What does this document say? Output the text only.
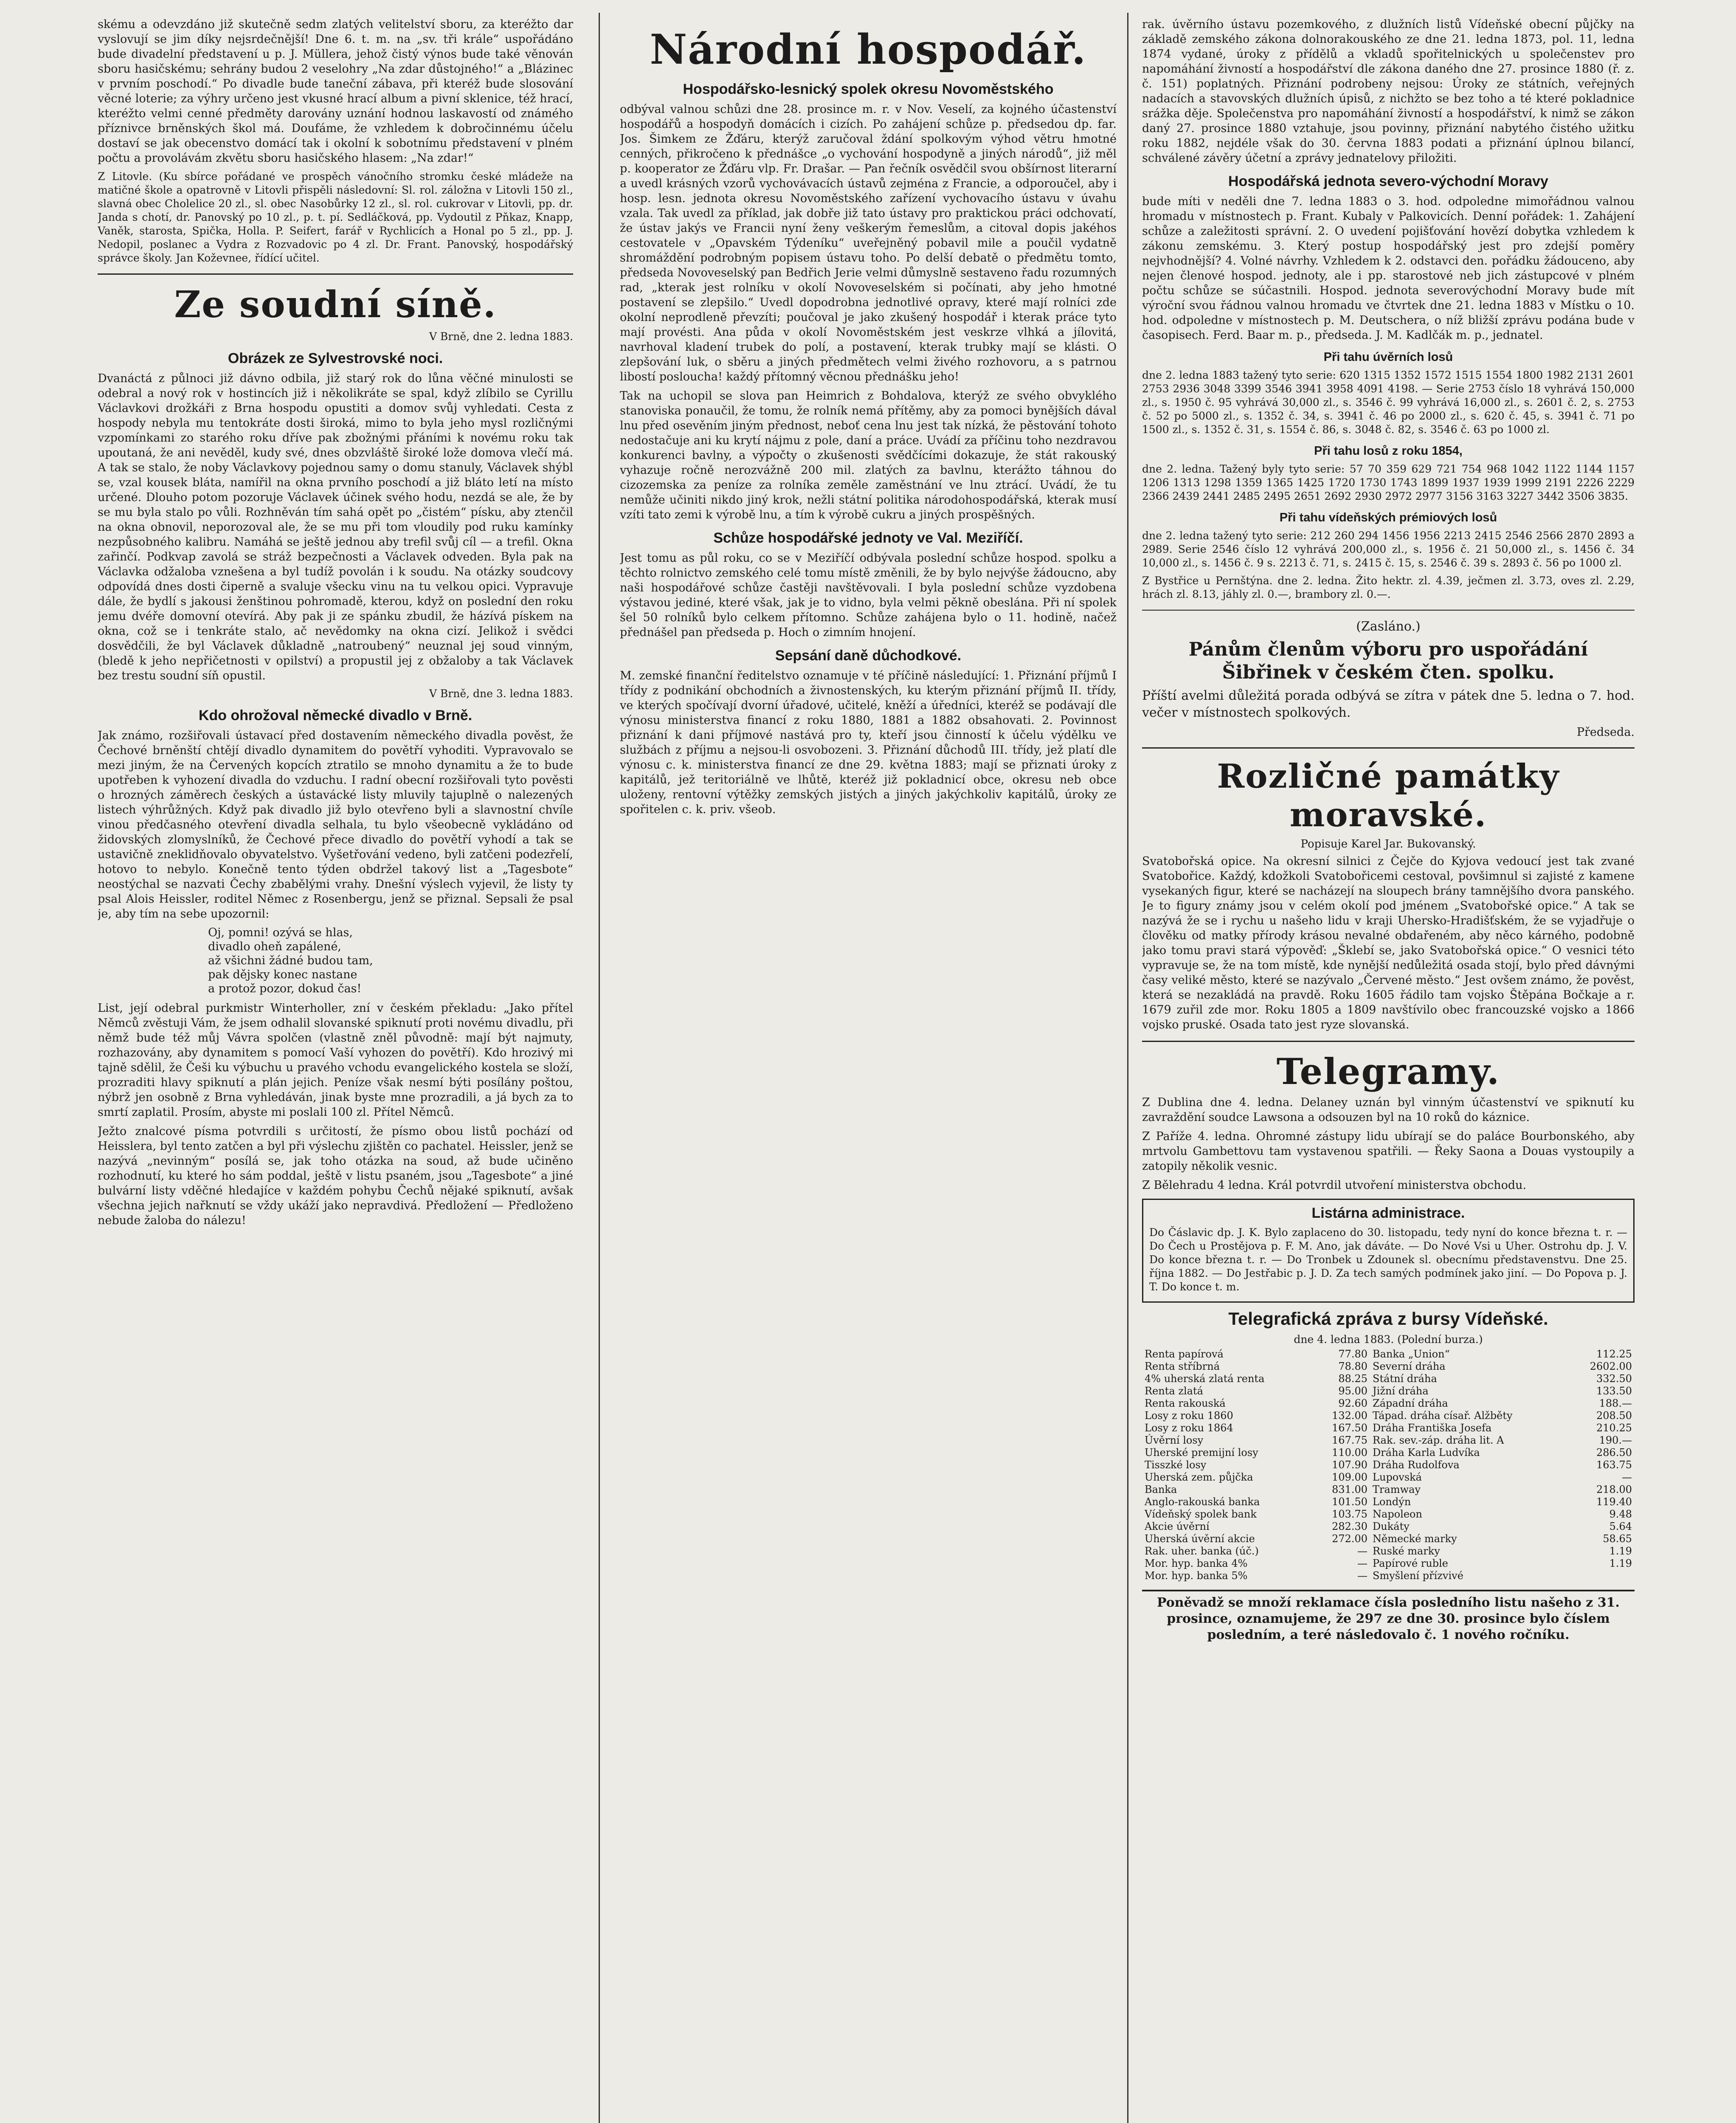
skému a odevzdáno již skutečně sedm zlatých velitelství sboru, za kteréžto dar vyslovují se jim díky nejsrdečnější! Dne 6. t. m. na „sv. tři krále“ uspořádáno bude divadelní představení u p. J. Müllera, jehož čistý výnos bude také věnován sboru hasičskému; sehrány budou 2 veselohry „Na zdar důstojného!“ a „Blázinec v prvním poschodí.“ Po divadle bude taneční zábava, při kteréž bude slosování věcné loterie; za výhry určeno jest vkusné hrací album a pivní sklenice, též hrací, kteréžto velmi cenné předměty darovány uznání hodnou laskavostí od známého příznivce brněnských škol má. Doufáme, že vzhledem k dobročinnému účelu dostaví se jak obecenstvo domácí tak i okolní k sobotnímu představení v plném počtu a provolávám zkvětu sboru hasičského hlasem: „Na zdar!“

Z Litovle. (Ku sbírce pořádané ve prospěch vánočního stromku české mládeže na matičné škole a opatrovně v Litovli přispěli následovní: Sl. rol. záložna v Litovli 150 zl., slavná obec Cholelice 20 zl., sl. obec Nasobůrky 12 zl., sl. rol. cukrovar v Litovli, pp. dr. Janda s chotí, dr. Panovský po 10 zl., p. t. pí. Sedláčková, pp. Vydoutil z Pňkaz, Knapp, Vaněk, starosta, Spička, Holla. P. Seifert, farář v Rychlicích a Honal po 5 zl., pp. J. Nedopil, poslanec a Vydra z Rozvadovic po 4 zl. Dr. Frant. Panovský, hospodářský správce školy. Jan Koževnee, řídící učitel.

Ze soudní síně.
V Brně, dne 2. ledna 1883.
Obrázek ze Sylvestrovské noci.

Dvanáctá z půlnoci již dávno odbila, již starý rok do lůna věčné minulosti se odebral a nový rok v hostincích již i několikráte se spal, když zlíbilo se Cyrillu Václavkovi drožkáři z Brna hospodu opustiti a domov svůj vyhledati. Cesta z hospody nebyla mu tentokráte dosti široká, mimo to byla jeho mysl rozličnými vzpomínkami zo starého roku dříve pak zbožnými přáními k novému roku tak upoutaná, že ani nevěděl, kudy své, dnes obzvláště široké lože domova vlečí má. A tak se stalo, že noby Václavkovy pojednou samy o domu stanuly, Václavek shýbl se, vzal kousek bláta, namířil na okna prvního poschodí a již bláto letí na místo určené. Dlouho potom pozoruje Václavek účinek svého hodu, nezdá se ale, že by se mu byla stalo po vůli. Rozhněván tím sahá opět po „čistém“ písku, aby ztenčil na okna obnovil, neporozoval ale, že se mu při tom vloudily pod ruku kamínky nezpůsobného kalibru. Namáhá se ještě jednou aby trefil svůj cíl — a trefil. Okna zařinčí. Podkvap zavolá se stráž bezpečnosti a Václavek odveden. Byla pak na Václavka odžaloba vznešena a byl tudíž povolán i k soudu. Na otázky soudcovy odpovídá dnes dosti čiperně a svaluje všecku vinu na tu velkou opici. Vypravuje dále, že bydlí s jakousi ženštinou pohromadě, kterou, když on poslední den roku jemu dvéře domovní otevírá. Aby pak ji ze spánku zbudil, že házívá pískem na okna, což se i tenkráte stalo, ač nevědomky na okna cizí. Jelikož i svědci dosvědčili, že byl Václavek důkladně „natroubený“ neuznal jej soud vinným, (bledě k jeho nepřičetnosti v opilství) a propustil jej z obžaloby a tak Václavek bez trestu soudní síň opustil.

V Brně, dne 3. ledna 1883.
Kdo ohrožoval německé divadlo v Brně.

Jak známo, rozšiřovali ústavací před dostavením německého divadla pověst, že Čechové brněnští chtějí divadlo dynamitem do povětří vyhoditi. Vypravovalo se mezi jiným, že na Červených kopcích ztratilo se mnoho dynamitu a že to bude upotřeben k vyhození divadla do vzduchu. I radní obecní rozšiřovali tyto pověsti o hrozných záměrech českých a ústavácké listy mluvily tajuplně o nalezených listech výhrůžných. Když pak divadlo již bylo otevřeno byli a slavnostní chvíle vinou předčasného otevření divadla selhala, tu bylo všeobecně vykládáno od židovských zlomyslníků, že Čechové přece divadlo do povětří vyhodí a tak se ustavičně zneklidňovalo obyvatelstvo. Vyšetřování vedeno, byli zatčeni podezřelí, hotovo to nebylo. Konečně tento týden obdržel takový list a „Tagesbote“ neostýchal se nazvati Čechy zbabělými vrahy. Dnešní výslech vyjevil, že listy ty psal Alois Heissler, roditel Němec z Rosenbergu, jenž se přiznal. Sepsali že psal je, aby tím na sebe upozornil:

Oj, pomni! ozývá se hlas,

divadlo oheň zapálené,

až všichni žádné budou tam,

pak dějsky konec nastane

a protož pozor, dokud čas!

List, její odebral purkmistr Winterholler, zní v českém překladu: „Jako přítel Němců zvěstuji Vám, že jsem odhalil slovanské spiknutí proti novému divadlu, při němž bude též můj Vávra spolčen (vlastně zněl původně: mají být najmuty, rozhazovány, aby dynamitem s pomocí Vaší vyhozen do povětří). Kdo hrozivý mi tajně sdělil, že Češi ku výbuchu u pravého vchodu evangelického kostela se složí, prozraditi hlavy spiknutí a plán jejich. Peníze však nesmí býti posílány poštou, nýbrž jen osobně z Brna vyhledáván, jinak byste mne prozradili, a já bych za to smrtí zaplatil. Prosím, abyste mi poslali 100 zl. Přítel Němců.

Ježto znalcové písma potvrdili s určitostí, že písmo obou listů pochází od Heisslera, byl tento zatčen a byl při výslechu zjištěn co pachatel. Heissler, jenž se nazývá „nevinným“ posílá se, jak toho otázka na soud, až bude učiněno rozhodnutí, ku které ho sám poddal, ještě v listu psaném, jsou „Tagesbote“ a jiné bulvární listy vděčné hledajíce v každém pohybu Čechů nějaké spiknutí, avšak všechna jejich nařknutí se vždy ukáží jako nepravdivá. Předložení — Předloženo nebude žaloba do nálezu!

Národní hospodář.
Hospodářsko-lesnický spolek okresu Novoměstského

odbýval valnou schůzi dne 28. prosince m. r. v Nov. Veselí, za kojného účastenství hospodářů a hospodyň domácích i cizích. Po zahájení schůze p. předsedou dp. far. Jos. Šimkem ze Žďáru, kterýž zaručoval ždání spolkovým výhod větru hmotné cenných, přikročeno k přednášce „o vychování hospodyně a jiných národů“, již měl p. kooperator ze Žďáru vlp. Fr. Drašar. — Pan řečník osvědčil svou obšírnost literarní a uvedl krásných vzorů vychovávacích ústavů zejména z Francie, a odporoučel, aby i hosp. lesn. jednota okresu Novoměstského zařízení vychovacího ústavu v úvahu vzala. Tak uvedl za příklad, jak dobře již tato ústavy pro praktickou práci odchovatí, že ústav jakýs ve Francii nyní ženy veškerým řemeslům, a citoval dopis jakéhos cestovatele v „Opavském Týdeníku“ uveřejněný pobavil mile a poučil vydatně shromáždění podrobným popisem ústavu toho. Po delší debatě o předmětu tomto, předseda Novoveselský pan Bedřich Jerie velmi důmyslně sestaveno řadu rozumných rad, „kterak jest rolníku v okolí Novoveselském si počínati, aby jeho hmotné postavení se zlepšilo.“ Uvedl dopodrobna jednotlivé opravy, které mají rolníci zde okolní neprodleně převzíti; poučoval je jako zkušený hospodář i kterak práce tyto mají provésti. Ana půda v okolí Novoměstském jest veskrze vlhká a jílovitá, navrhoval kladení trubek do polí, a postavení, kterak trubky mají se klásti. O zlepšování luk, o sběru a jiných předmětech velmi živého rozhovoru, a s patrnou libostí posloucha! každý přítomný věcnou přednášku jeho!

Tak na uchopil se slova pan Heimrich z Bohdalova, kterýž ze svého obvyklého stanoviska ponaučil, že tomu, že rolník nemá přítěmy, aby za pomoci bynějších dával lnu před osevěním jiným přednost, neboť cena lnu jest tak nízká, že pěstování tohoto nedostačuje ani ku krytí nájmu z pole, daní a práce. Uvádí za příčinu toho nezdravou konkurenci bavlny, a výpočty o zkušenosti svědčícími dokazuje, že stát rakouský vyhazuje ročně nerozvážně 200 mil. zlatých za bavlnu, kterážto táhnou do cizozemska za peníze za rolníka zeměle zaměstnání ve lnu ztrácí. Uvádí, že tu nemůže učiniti nikdo jiný krok, nežli státní politika národohospodářská, kterak musí vzíti tato zemi k výrobě lnu, a tím k výrobě cukru a jiných prospěšných.

Schůze hospodářské jednoty ve Val. Meziříčí.

Jest tomu as půl roku, co se v Meziříčí odbývala poslední schůze hospod. spolku a těchto rolnictvo zemského celé tomu místě změnili, že by bylo nejvýše žádoucno, aby naši hospodářové schůze častěji navštěvovali. I byla poslední schůze vyzdobena výstavou jediné, které však, jak je to vidno, byla velmi pěkně obeslána. Při ní spolek šel 50 rolníků bylo celkem přítomno. Schůze zahájena bylo o 11. hodině, načež přednášel pan předseda p. Hoch o zimním hnojení.

Sepsání daně důchodkové.

M. zemské finanční ředitelstvo oznamuje v té příčině následující: 1. Přiznání příjmů I třídy z podnikání obchodních a živnostenských, ku kterým přiznání příjmů II. třídy, ve kterých spočívají dvorní úřadové, učitelé, kněží a úředníci, kteréž se podávají dle výnosu ministerstva financí z roku 1880, 1881 a 1882 obsahovati. 2. Povinnost přiznání k dani příjmové nastává pro ty, kteří jsou činností k účelu výdělku ve službách z příjmu a nejsou-li osvobozeni. 3. Přiznání důchodů III. třídy, jež platí dle výnosu c. k. ministerstva financí ze dne 29. května 1883; mají se přiznati úroky z kapitálů, jež teritoriálně ve lhůtě, kteréž již pokladnicí obce, okresu neb obce uloženy, rentovní výtěžky zemských jistých a jiných jakýchkoliv kapitálů, úroky ze spořitelen c. k. priv. všeob.

rak. úvěrního ústavu pozemkového, z dlužních listů Vídeňské obecní půjčky na základě zemského zákona dolnorakouského ze dne 21. ledna 1873, pol. 11, ledna 1874 vydané, úroky z přídělů a vkladů spořitelnických u společenstev pro napomáhání živností a hospodářství dle zákona daného dne 27. prosince 1880 (ř. z. č. 151) poplatných. Přiznání podrobeny nejsou: Úroky ze státních, veřejných nadacích a stavovských dlužních úpisů, z nichžto se bez toho a té které pokladnice srážka děje. Společenstva pro napomáhání živností a hospodářství, k nimž se zákon daný 27. prosince 1880 vztahuje, jsou povinny, přiznání nabytého čistého užitku roku 1882, nejdéle však do 30. června 1883 podati a přiznání úplnou bilancí, schválené závěry účetní a zprávy jednatelovy přiložiti.

Hospodářská jednota severo-východní Moravy

bude míti v neděli dne 7. ledna 1883 o 3. hod. odpoledne mimořádnou valnou hromadu v místnostech p. Frant. Kubaly v Palkovicích. Denní pořádek: 1. Zahájení schůze a zaležitosti správní. 2. O uvedení pojišťování hovězí dobytka vzhledem k zákonu zemskému. 3. Který postup hospodářský jest pro zdejší poměry nejvhodnější? 4. Volné návrhy. Vzhledem k 2. odstavci den. pořádku žádouceno, aby nejen členové hospod. jednoty, ale i pp. starostové neb jich zástupcové v plném počtu schůze se súčastnili. Hospod. jednota severovýchodní Moravy bude mít výroční svou řádnou valnou hromadu ve čtvrtek dne 21. ledna 1883 v Místku o 10. hod. odpoledne v místnostech p. M. Deutschera, o níž bližší zprávu podána bude v časopisech. Ferd. Baar m. p., předseda. J. M. Kadlčák m. p., jednatel.

Při tahu úvěrních losů

dne 2. ledna 1883 tažený tyto serie: 620 1315 1352 1572 1515 1554 1800 1982 2131 2601 2753 2936 3048 3399 3546 3941 3958 4091 4198. — Serie 2753 číslo 18 vyhrává 150,000 zl., s. 1950 č. 95 vyhrává 30,000 zl., s. 3546 č. 99 vyhrává 16,000 zl., s. 2601 č. 2, s. 2753 č. 52 po 5000 zl., s. 1352 č. 34, s. 3941 č. 46 po 2000 zl., s. 620 č. 45, s. 3941 č. 71 po 1500 zl., s. 1352 č. 31, s. 1554 č. 86, s. 3048 č. 82, s. 3546 č. 63 po 1000 zl.

Při tahu losů z roku 1854,

dne 2. ledna. Tažený byly tyto serie: 57 70 359 629 721 754 968 1042 1122 1144 1157 1206 1313 1298 1359 1365 1425 1720 1730 1743 1899 1937 1939 1999 2191 2226 2229 2366 2439 2441 2485 2495 2651 2692 2930 2972 2977 3156 3163 3227 3442 3506 3835.

Při tahu vídeňských prémiových losů

dne 2. ledna tažený tyto serie: 212 260 294 1456 1956 2213 2415 2546 2566 2870 2893 a 2989. Serie 2546 číslo 12 vyhrává 200,000 zl., s. 1956 č. 21 50,000 zl., s. 1456 č. 34 10,000 zl., s. 1456 č. 9 s. 2213 č. 71, s. 2415 č. 15, s. 2546 č. 39 s. 2893 č. 56 po 1000 zl.

Z Bystřice u Pernštýna. dne 2. ledna. Žito hektr. zl. 4.39, ječmen zl. 3.73, oves zl. 2.29, hrách zl. 8.13, jáhly zl. 0.—, brambory zl. 0.—.

(Zasláno.)
Pánům členům výboru pro uspořádání Šibřinek v českém čten. spolku.

Příští avelmi důležitá porada odbývá se zítra v pátek dne 5. ledna o 7. hod. večer v místnostech spolkových.

Předseda.
Rozličné památky moravské.
Popisuje Karel Jar. Bukovanský.

Svatobořská opice. Na okresní silnici z Čejče do Kyjova vedoucí jest tak zvané Svatobořice. Každý, kdožkoli Svatobořicemi cestoval, povšimnul si zajisté z kamene vysekaných figur, které se nacházejí na sloupech brány tamnějšího dvora panského. Je to figury známy jsou v celém okolí pod jménem „Svatobořské opice.“ A tak se nazývá že se i rychu u našeho lidu v kraji Uhersko-Hradišťském, že se vyjadřuje o člověku od matky přírody krásou nevalné obdařeném, aby něco kárného, podobně jako tomu pravi stará výpověď: „Šklebí se, jako Svatobořská opice.“ O vesnici této vypravuje se, že na tom místě, kde nynější nedůležitá osada stojí, bylo před dávnými časy veliké město, které se nazývalo „Červené město.“ Jest ovšem známo, že pověst, která se nezakládá na pravdě. Roku 1605 řádilo tam vojsko Štěpána Bočkaje a r. 1679 zuřil zde mor. Roku 1805 a 1809 navštívilo obec francouzské vojsko a 1866 vojsko pruské. Osada tato jest ryze slovanská.

Telegramy.

Z Dublina dne 4. ledna. Delaney uznán byl vinným účastenství ve spiknutí ku zavraždění soudce Lawsona a odsouzen byl na 10 roků do káznice.

Z Paříže 4. ledna. Ohromné zástupy lidu ubírají se do paláce Bourbonského, aby mrtvolu Gambettovu tam vystavenou spatřili. — Řeky Saona a Douas vystoupily a zatopily několik vesnic.

Z Bělehradu 4 ledna. Král potvrdil utvoření ministerstva obchodu.

Listárna administrace.

Do Čáslavic dp. J. K. Bylo zaplaceno do 30. listopadu, tedy nyní do konce března t. r. — Do Čech u Prostějova p. F. M. Ano, jak dáváte. — Do Nové Vsi u Uher. Ostrohu dp. J. V. Do konce března t. r. — Do Tronbek u Zdounek sl. obecnímu představenstvu. Dne 25. října 1882. — Do Jestřabic p. J. D. Za tech samých podmínek jako jiní. — Do Popova p. J. T. Do konce t. m.

Telegrafická zpráva z bursy Vídeňské.
dne 4. ledna 1883. (Polední burza.)
Renta papírová	77.80	Banka „Union“	112.25
Renta stříbrná	78.80	Severní dráha	2602.00
4% uherská zlatá renta	88.25	Státní dráha	332.50
Renta zlatá	95.00	Jižní dráha	133.50
Renta rakouská	92.60	Západní dráha	188.—
Losy z roku 1860	132.00	Tápad. dráha císař. Alžběty	208.50
Losy z roku 1864	167.50	Dráha Františka Josefa	210.25
Úvěrní losy	167.75	Rak. sev.-záp. dráha lit. A	190.—
Uherské premijní losy	110.00	Dráha Karla Ludvíka	286.50
Tisszké losy	107.90	Dráha Rudolfova	163.75
Uherská zem. půjčka	109.00	Lupovská	—
Banka	831.00	Tramway	218.00
Anglo-rakouská banka	101.50	Londýn	119.40
Vídeňský spolek bank	103.75	Napoleon	9.48
Akcie úvěrní	282.30	Dukáty	5.64
Uherská úvěrní akcie	272.00	Německé marky	58.65
Rak. uher. banka (úč.)	—	Ruské marky	1.19
Mor. hyp. banka 4%	—	Papírové ruble	1.19
Mor. hyp. banka 5%	—	Smyšlení přízvivé	
Poněvadž se množí reklamace čísla posledního listu našeho z 31. prosince, oznamujeme, že 297 ze dne 30. prosince bylo číslem posledním, a teré následovalo č. 1 nového ročníku.
